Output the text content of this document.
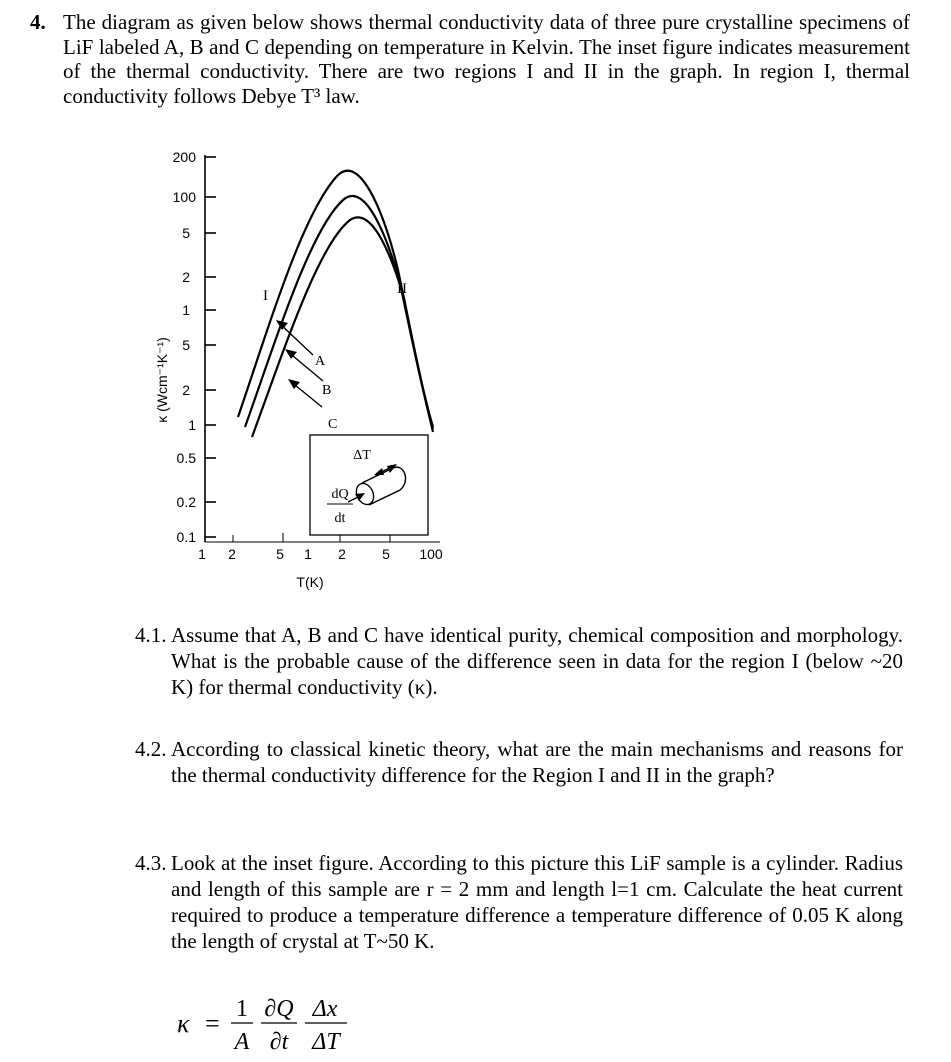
4. The diagram as given below shows thermal conductivity data of three pure crystalline specimens of LiF labeled A, B and C depending on temperature in Kelvin. The inset figure indicates measurement of the thermal conductivity. There are two regions I and II in the graph. In region I, thermal conductivity follows Debye T³ law.
200
100
5
2
1
5
2
1
0.5
0.2
0.1
κ (Wcm⁻¹K⁻¹)
1 2	5 1 2	5 100
T(K)
A
B
C
I	II
ΔT
dQ
dt
4.1. Assume that A, B and C have identical purity, chemical composition and morphology. What is the probable cause of the difference seen in data for the region I (below ~20 K) for thermal conductivity (κ).
4.2. According to classical kinetic theory, what are the main mechanisms and reasons for the thermal conductivity difference for the Region I and II in the graph?
4.3. Look at the inset figure. According to this picture this LiF sample is a cylinder. Radius and length of this sample are r = 2 mm and length l=1 cm. Calculate the heat current required to produce a temperature difference a temperature difference of 0.05 K along the length of crystal at T~50 K.
κ = 1
A
∂Q
∂t
Δx
ΔT
